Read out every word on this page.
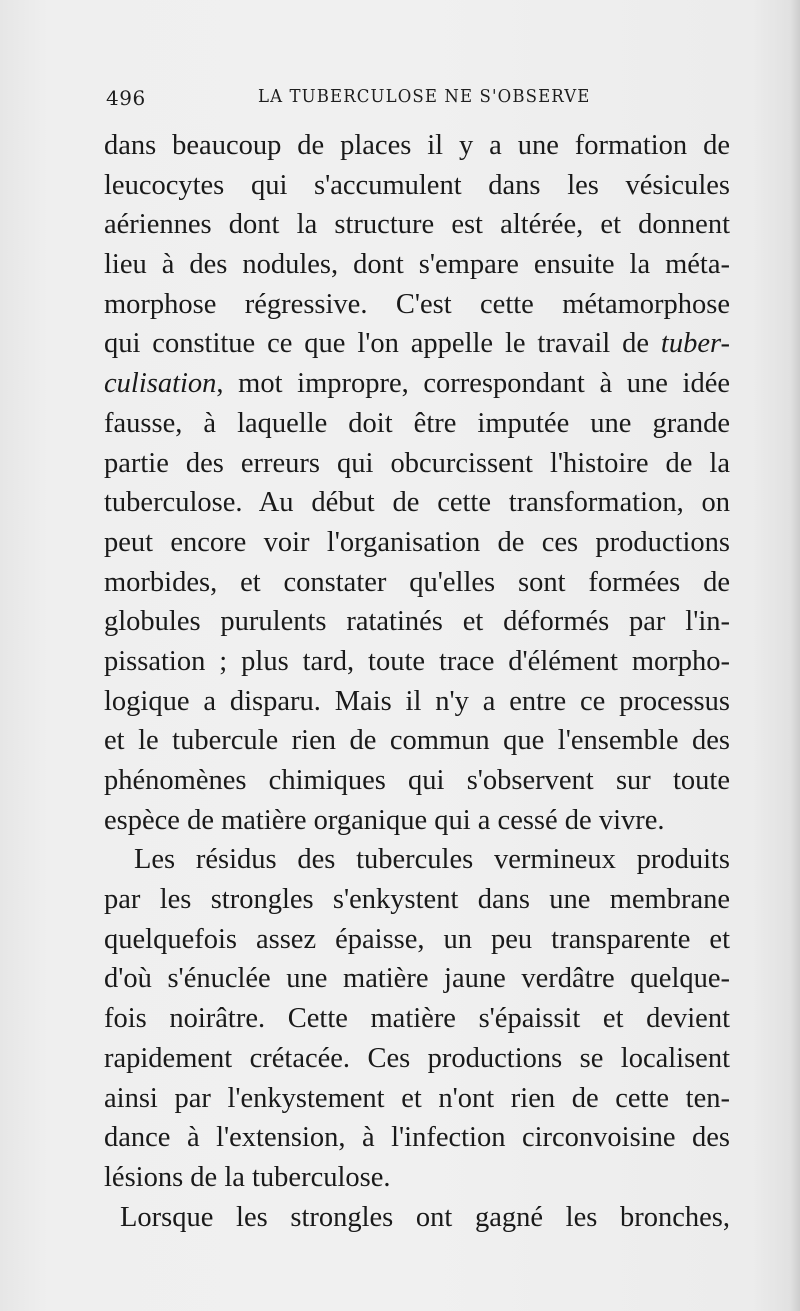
496	LA TUBERCULOSE NE S'OBSERVE
dans beaucoup de places il y a une formation de
leucocytes qui s'accumulent dans les vésicules
aériennes dont la structure est altérée, et donnent
lieu à des nodules, dont s'empare ensuite la méta-
morphose régressive. C'est cette métamorphose
qui constitue ce que l'on appelle le travail de tuber-
culisation, mot impropre, correspondant à une idée
fausse, à laquelle doit être imputée une grande
partie des erreurs qui obcurcissent l'histoire de la
tuberculose. Au début de cette transformation, on
peut encore voir l'organisation de ces productions
morbides, et constater qu'elles sont formées de
globules purulents ratatinés et déformés par l'in-
pissation ; plus tard, toute trace d'élément morpho-
logique a disparu. Mais il n'y a entre ce processus
et le tubercule rien de commun que l'ensemble des
phénomènes chimiques qui s'observent sur toute
espèce de matière organique qui a cessé de vivre.
Les résidus des tubercules vermineux produits
par les strongles s'enkystent dans une membrane
quelquefois assez épaisse, un peu transparente et
d'où s'énuclée une matière jaune verdâtre quelque-
fois noirâtre. Cette matière s'épaissit et devient
rapidement crétacée. Ces productions se localisent
ainsi par l'enkystement et n'ont rien de cette ten-
dance à l'extension, à l'infection circonvoisine des
lésions de la tuberculose.
Lorsque les strongles ont gagné les bronches,
